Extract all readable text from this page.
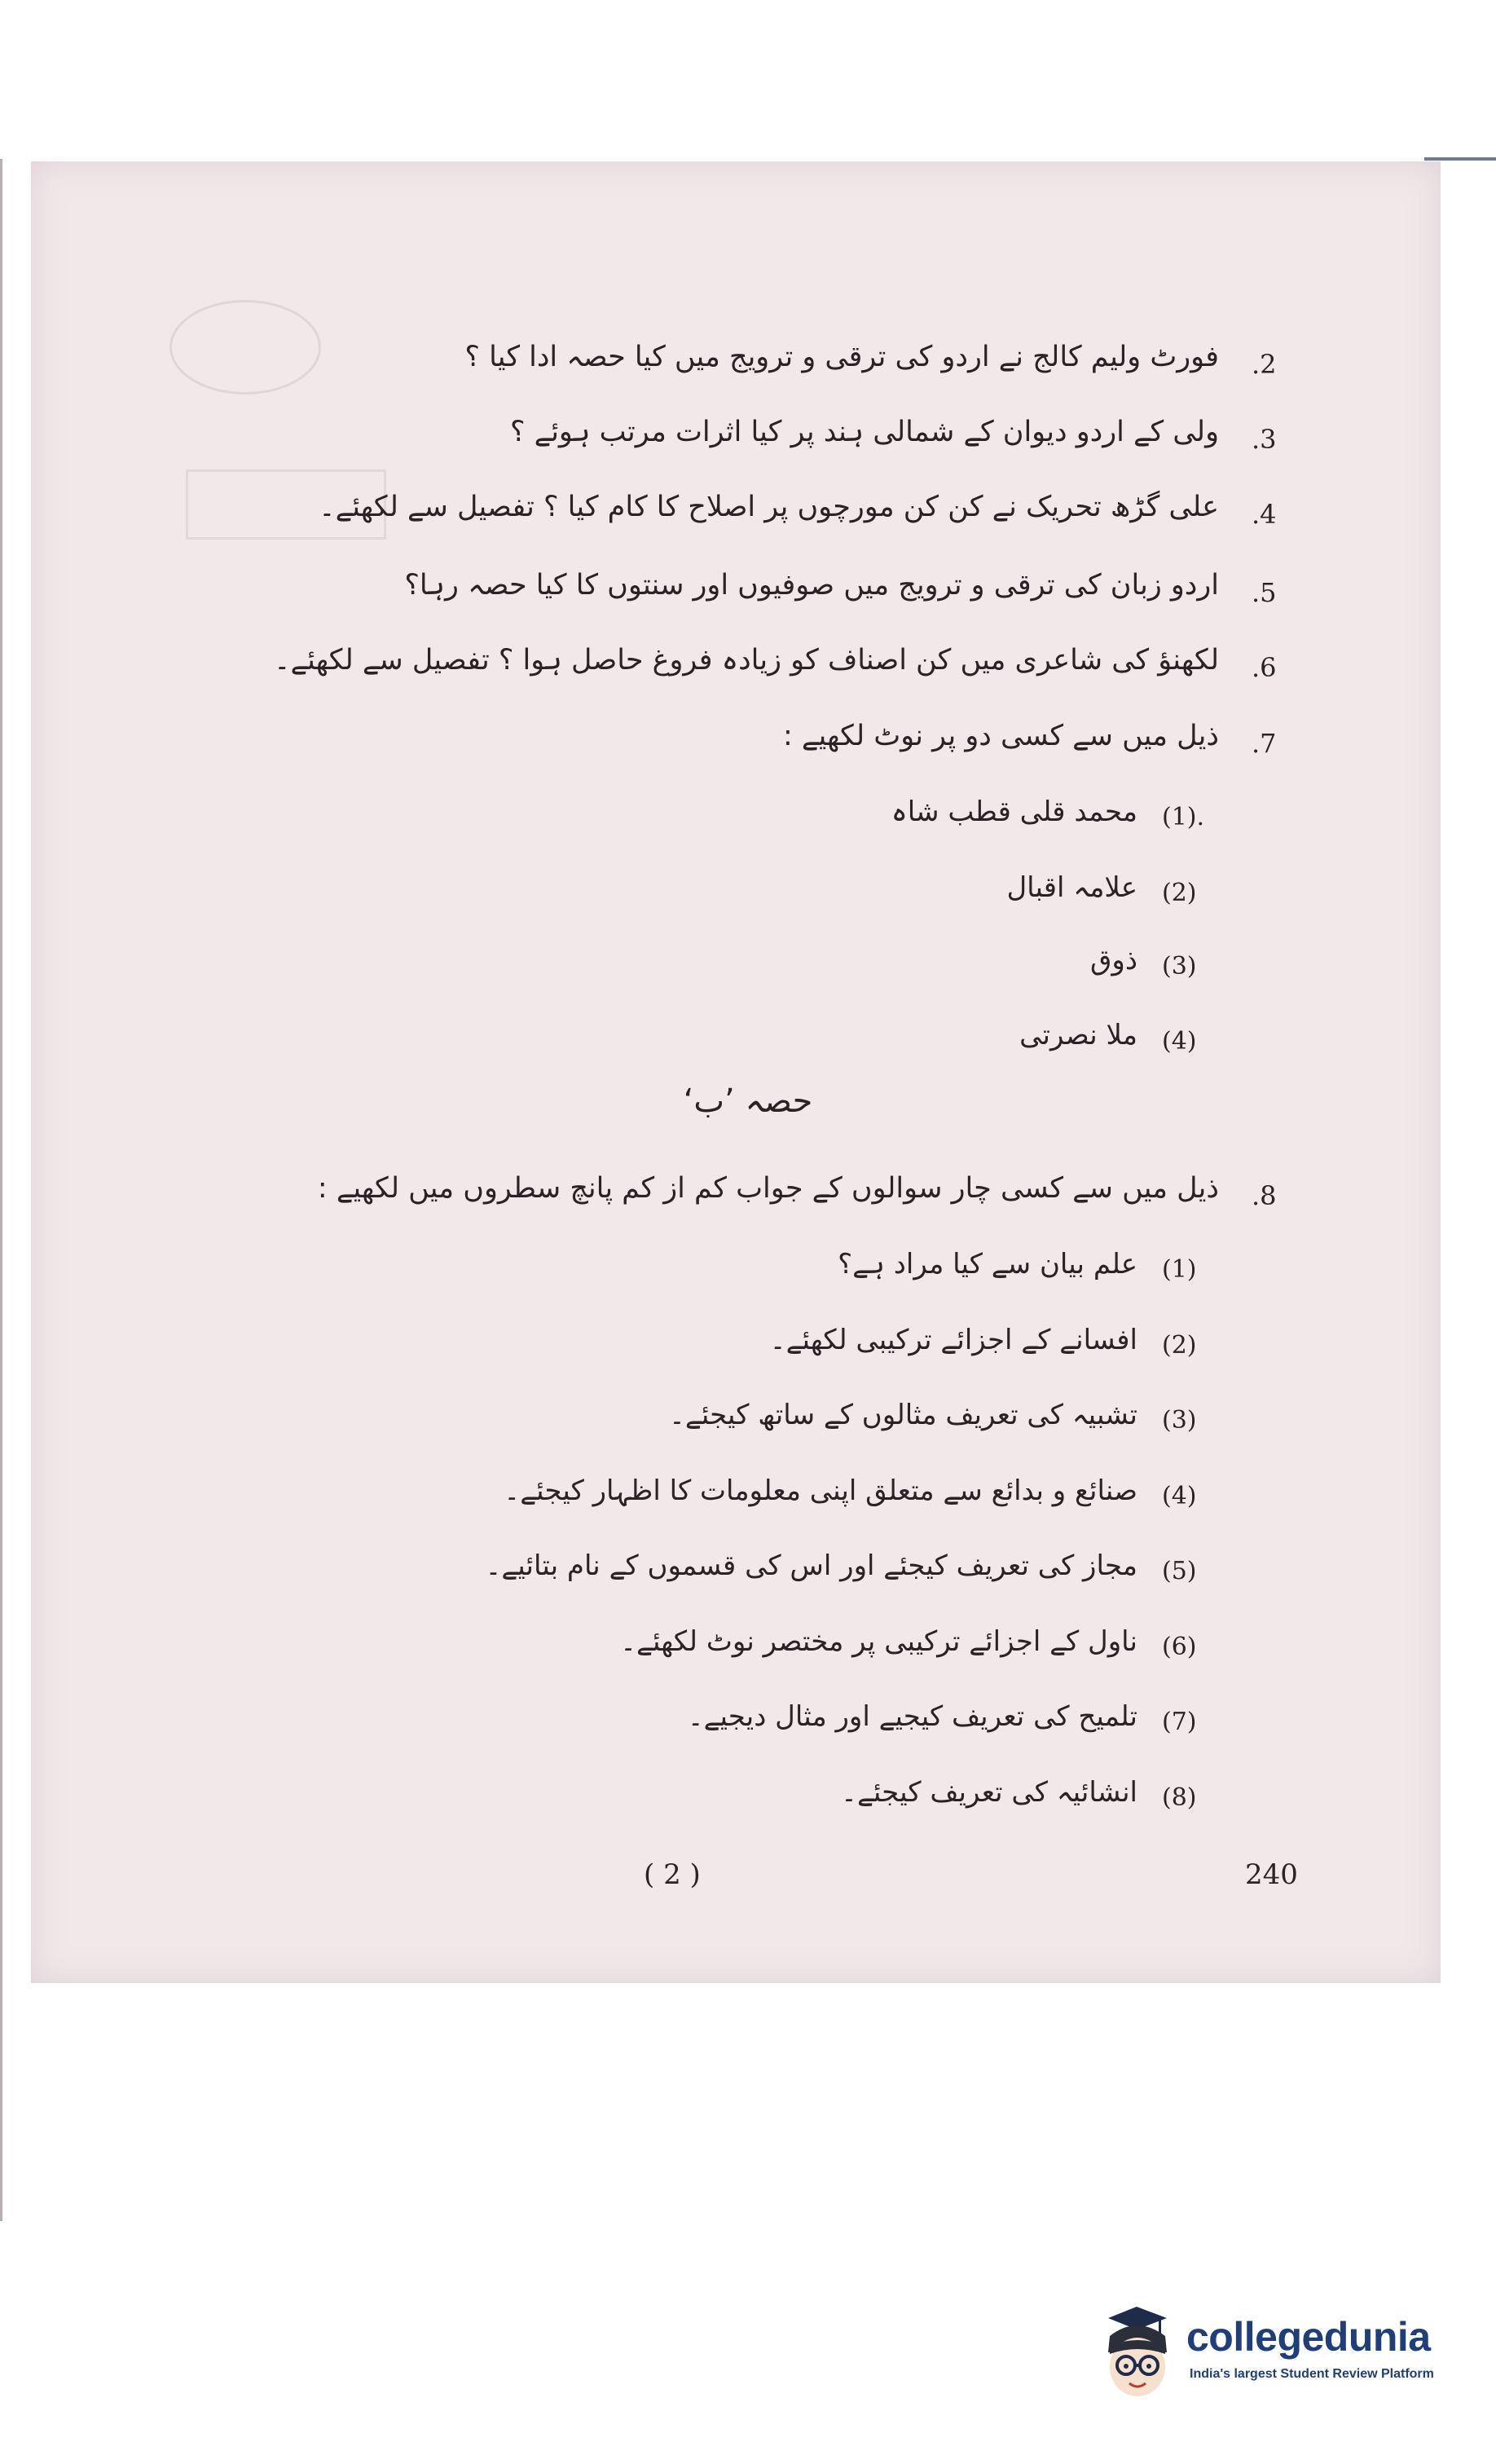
.2
فورٹ ولیم کالج نے اردو کی ترقی و ترویج میں کیا حصہ ادا کیا ؟
.3
ولی کے اردو دیوان کے شمالی ہند پر کیا اثرات مرتب ہوئے ؟
.4
علی گڑھ تحریک نے کن کن مورچوں پر اصلاح کا کام کیا ؟ تفصیل سے لکھئے۔
.5
اردو زبان کی ترقی و ترویج میں صوفیوں اور سنتوں کا کیا حصہ رہا؟
.6
لکھنؤ کی شاعری میں کن اصناف کو زیادہ فروغ حاصل ہوا ؟ تفصیل سے لکھئے۔
.7
ذیل میں سے کسی دو پر نوٹ لکھیے :
(1).
محمد قلی قطب شاہ
(2)
علامہ اقبال
(3)
ذوق
(4)
ملا نصرتی
حصہ ’ب‘
.8
ذیل میں سے کسی چار سوالوں کے جواب کم از کم پانچ سطروں میں لکھیے :
(1)
علم بیان سے کیا مراد ہے؟
(2)
افسانے کے اجزائے ترکیبی لکھئے۔
(3)
تشبیہ کی تعریف مثالوں کے ساتھ کیجئے۔
(4)
صنائع و بدائع سے متعلق اپنی معلومات کا اظہار کیجئے۔
(5)
مجاز کی تعریف کیجئے اور اس کی قسموں کے نام بتائیے۔
(6)
ناول کے اجزائے ترکیبی پر مختصر نوٹ لکھئے۔
(7)
تلمیح کی تعریف کیجیے اور مثال دیجیے۔
(8)
انشائیہ کی تعریف کیجئے۔
( 2 )	240
collegedunia
India's largest Student Review Platform
